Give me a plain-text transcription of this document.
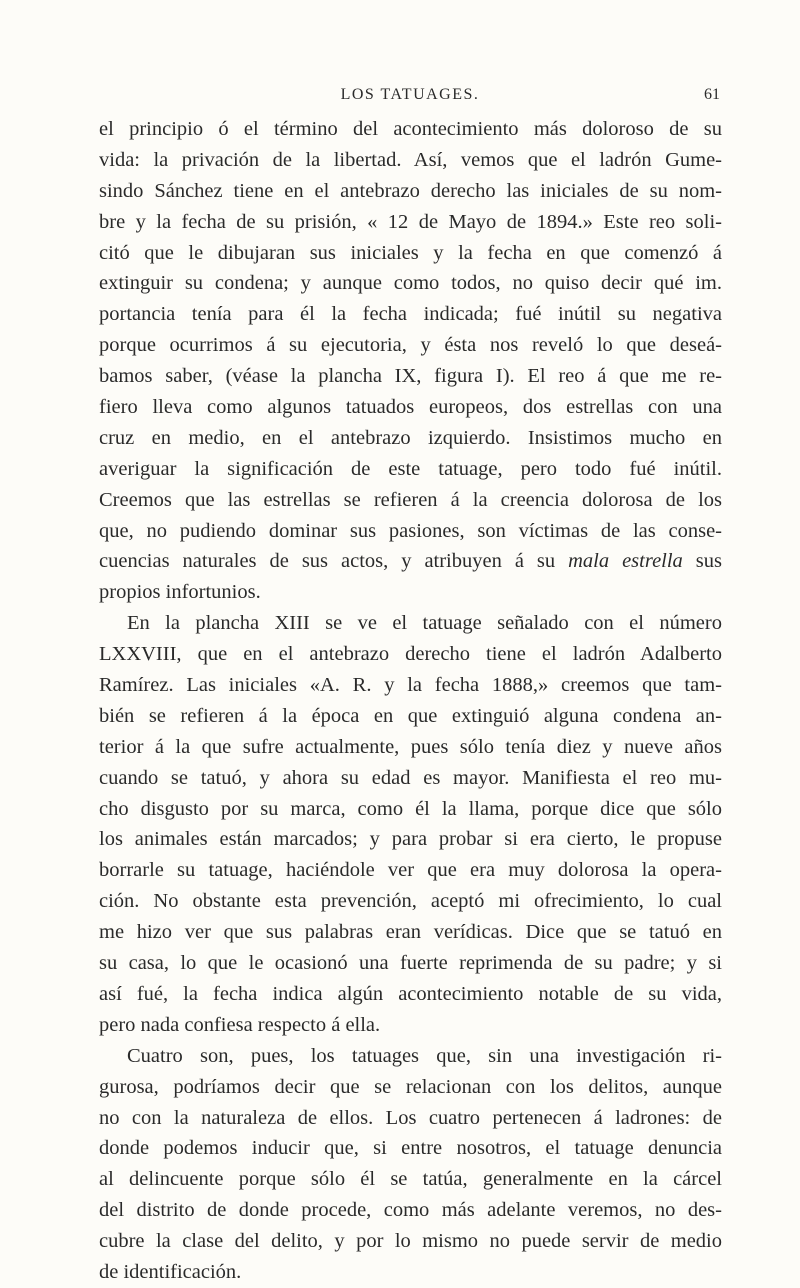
LOS TATUAGES.	61
el principio ó el término del acontecimiento más doloroso de su
vida: la privación de la libertad. Así, vemos que el ladrón Gume-
sindo Sánchez tiene en el antebrazo derecho las iniciales de su nom-
bre y la fecha de su prisión, « 12 de Mayo de 1894.» Este reo soli-
citó que le dibujaran sus iniciales y la fecha en que comenzó á
extinguir su condena; y aunque como todos, no quiso decir qué im.
portancia tenía para él la fecha indicada; fué inútil su negativa
porque ocurrimos á su ejecutoria, y ésta nos reveló lo que deseá-
bamos saber, (véase la plancha IX, figura I). El reo á que me re-
fiero lleva como algunos tatuados europeos, dos estrellas con una
cruz en medio, en el antebrazo izquierdo. Insistimos mucho en
averiguar la significación de este tatuage, pero todo fué inútil.
Creemos que las estrellas se refieren á la creencia dolorosa de los
que, no pudiendo dominar sus pasiones, son víctimas de las conse-
cuencias naturales de sus actos, y atribuyen á su mala estrella sus
propios infortunios.
En la plancha XIII se ve el tatuage señalado con el número
LXXVIII, que en el antebrazo derecho tiene el ladrón Adalberto
Ramírez. Las iniciales «A. R. y la fecha 1888,» creemos que tam-
bién se refieren á la época en que extinguió alguna condena an-
terior á la que sufre actualmente, pues sólo tenía diez y nueve años
cuando se tatuó, y ahora su edad es mayor. Manifiesta el reo mu-
cho disgusto por su marca, como él la llama, porque dice que sólo
los animales están marcados; y para probar si era cierto, le propuse
borrarle su tatuage, haciéndole ver que era muy dolorosa la opera-
ción. No obstante esta prevención, aceptó mi ofrecimiento, lo cual
me hizo ver que sus palabras eran verídicas. Dice que se tatuó en
su casa, lo que le ocasionó una fuerte reprimenda de su padre; y si
así fué, la fecha indica algún acontecimiento notable de su vida,
pero nada confiesa respecto á ella.
Cuatro son, pues, los tatuages que, sin una investigación ri-
gurosa, podríamos decir que se relacionan con los delitos, aunque
no con la naturaleza de ellos. Los cuatro pertenecen á ladrones: de
donde podemos inducir que, si entre nosotros, el tatuage denuncia
al delincuente porque sólo él se tatúa, generalmente en la cárcel
del distrito de donde procede, como más adelante veremos, no des-
cubre la clase del delito, y por lo mismo no puede servir de medio
de identificación.
